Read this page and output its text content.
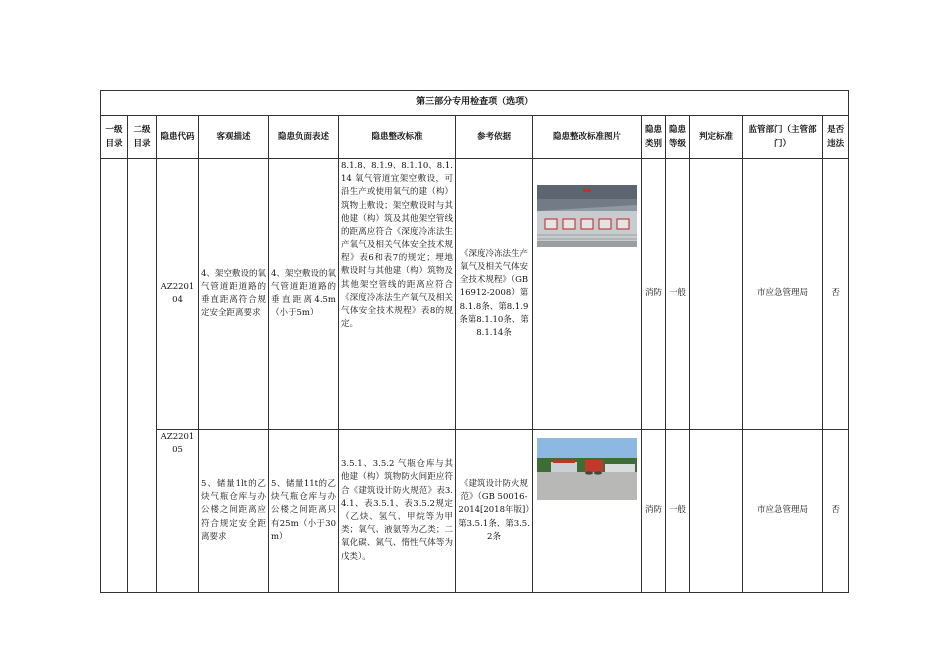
第三部分专用检查项（选项）												
一级目录	二级目录	隐患代码	客观描述	隐患负面表述	隐患整改标准	参考依据	隐患整改标准图片	隐患类别	隐患等级	判定标准	监管部门（主管部门）	是否违法
		AZ220104	4、架空敷设的氧气管道距道路的垂直距离符合规定安全距离要求	4、架空敷设的氧气管道距道路的垂直距离4.5m（小于5m）	8.1.8、8.1.9、8.1.10、8.1.14 氧气管道宜架空敷设，可沿生产或使用氧气的建（构）筑物上敷设；架空敷设时与其他建（构）筑及其他架空管线的距离应符合《深度冷冻法生产氧气及相关气体安全技术规程》表6和表7的规定；埋地敷设时与其他建（构）筑物及其他架空管线的距离应符合《深度冷冻法生产氧气及相关气体安全技术规程》表8的规定。	《深度冷冻法生产氧气及相关气体安全技术规程》（GB 16912-2008）第8.1.8条、第8.1.9条第8.1.10条、第8.1.14条		消防	一般		市应急管理局	否
		AZ220105	5、储量1lt的乙炔气瓶仓库与办公楼之间距离应符合规定安全距离要求	5、储量11t的乙炔气瓶仓库与办公楼之间距离只有25m（小于30m）	3.5.1、3.5.2 气瓶仓库与其他建（构）筑物防火间距应符合《建筑设计防火规范》表3.4.1、表3.5.1、表3.5.2规定（乙炔、氢气、甲烷等为甲类；氧气、液氨等为乙类；二氧化碳、氮气、惰性气体等为戊类）。	《建筑设计防火规范》（GB 50016-2014[2018年版]）第3.5.1条、第3.5.2条		消防	一般		市应急管理局	否
